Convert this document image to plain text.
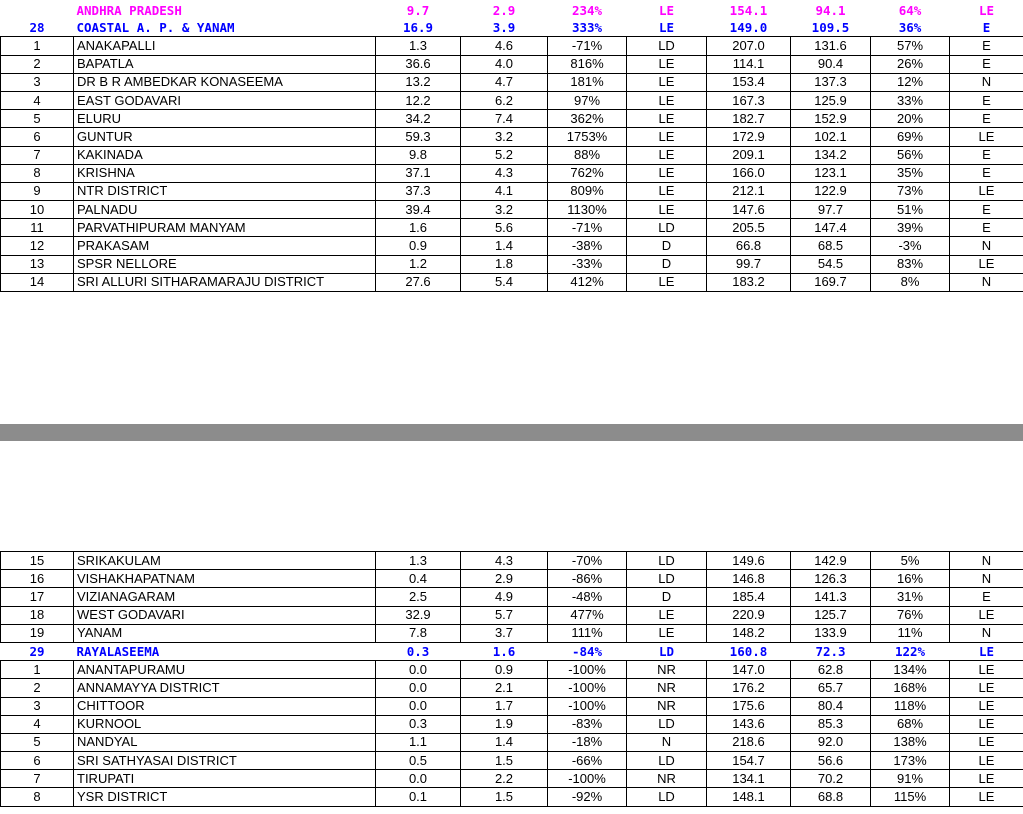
	ANDHRA PRADESH	9.7	2.9	234%	LE	154.1	94.1	64%	LE
28	COASTAL A. P. & YANAM	16.9	3.9	333%	LE	149.0	109.5	36%	E
1	ANAKAPALLI	1.3	4.6	-71%	LD	207.0	131.6	57%	E
2	BAPATLA	36.6	4.0	816%	LE	114.1	90.4	26%	E
3	DR B R AMBEDKAR KONASEEMA	13.2	4.7	181%	LE	153.4	137.3	12%	N
4	EAST GODAVARI	12.2	6.2	97%	LE	167.3	125.9	33%	E
5	ELURU	34.2	7.4	362%	LE	182.7	152.9	20%	E
6	GUNTUR	59.3	3.2	1753%	LE	172.9	102.1	69%	LE
7	KAKINADA	9.8	5.2	88%	LE	209.1	134.2	56%	E
8	KRISHNA	37.1	4.3	762%	LE	166.0	123.1	35%	E
9	NTR DISTRICT	37.3	4.1	809%	LE	212.1	122.9	73%	LE
10	PALNADU	39.4	3.2	1130%	LE	147.6	97.7	51%	E
11	PARVATHIPURAM MANYAM	1.6	5.6	-71%	LD	205.5	147.4	39%	E
12	PRAKASAM	0.9	1.4	-38%	D	66.8	68.5	-3%	N
13	SPSR NELLORE	1.2	1.8	-33%	D	99.7	54.5	83%	LE
14	SRI ALLURI SITHARAMARAJU DISTRICT	27.6	5.4	412%	LE	183.2	169.7	8%	N
15	SRIKAKULAM	1.3	4.3	-70%	LD	149.6	142.9	5%	N
16	VISHAKHAPATNAM	0.4	2.9	-86%	LD	146.8	126.3	16%	N
17	VIZIANAGARAM	2.5	4.9	-48%	D	185.4	141.3	31%	E
18	WEST GODAVARI	32.9	5.7	477%	LE	220.9	125.7	76%	LE
19	YANAM	7.8	3.7	111%	LE	148.2	133.9	11%	N
29	RAYALASEEMA	0.3	1.6	-84%	LD	160.8	72.3	122%	LE
1	ANANTAPURAMU	0.0	0.9	-100%	NR	147.0	62.8	134%	LE
2	ANNAMAYYA DISTRICT	0.0	2.1	-100%	NR	176.2	65.7	168%	LE
3	CHITTOOR	0.0	1.7	-100%	NR	175.6	80.4	118%	LE
4	KURNOOL	0.3	1.9	-83%	LD	143.6	85.3	68%	LE
5	NANDYAL	1.1	1.4	-18%	N	218.6	92.0	138%	LE
6	SRI SATHYASAI DISTRICT	0.5	1.5	-66%	LD	154.7	56.6	173%	LE
7	TIRUPATI	0.0	2.2	-100%	NR	134.1	70.2	91%	LE
8	YSR DISTRICT	0.1	1.5	-92%	LD	148.1	68.8	115%	LE
